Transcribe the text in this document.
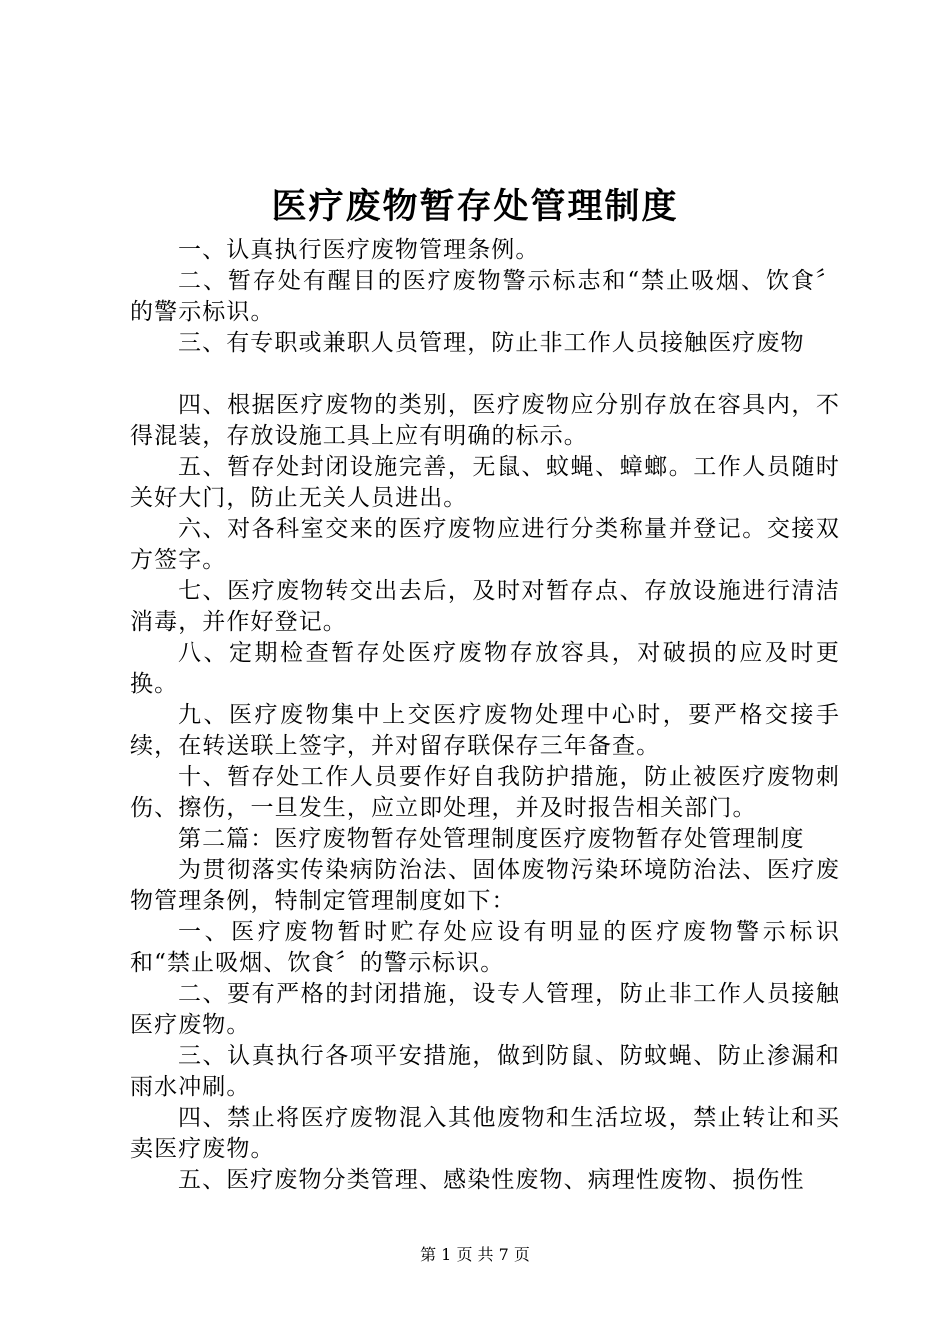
医疗废物暂存处管理制度

一、认真执行医疗废物管理条例。

二、暂存处有醒目的医疗废物警示标志和“禁止吸烟、饮食〞的警示标识。

三、有专职或兼职人员管理，防止非工作人员接触医疗废物

四、根据医疗废物的类别，医疗废物应分别存放在容具内，不得混装，存放设施工具上应有明确的标示。

五、暂存处封闭设施完善，无鼠、蚊蝇、蟑螂。工作人员随时关好大门，防止无关人员进出。

六、对各科室交来的医疗废物应进行分类称量并登记。交接双方签字。

七、医疗废物转交出去后，及时对暂存点、存放设施进行清洁消毒，并作好登记。

八、定期检查暂存处医疗废物存放容具，对破损的应及时更换。

九、医疗废物集中上交医疗废物处理中心时，要严格交接手续，在转送联上签字，并对留存联保存三年备查。

十、暂存处工作人员要作好自我防护措施，防止被医疗废物刺伤、擦伤，一旦发生，应立即处理，并及时报告相关部门。

第二篇：医疗废物暂存处管理制度医疗废物暂存处管理制度

为贯彻落实传染病防治法、固体废物污染环境防治法、医疗废物管理条例，特制定管理制度如下：

一、医疗废物暂时贮存处应设有明显的医疗废物警示标识和“禁止吸烟、饮食〞的警示标识。

二、要有严格的封闭措施，设专人管理，防止非工作人员接触医疗废物。

三、认真执行各项平安措施，做到防鼠、防蚊蝇、防止渗漏和雨水冲刷。

四、禁止将医疗废物混入其他废物和生活垃圾，禁止转让和买卖医疗废物。

五、医疗废物分类管理、感染性废物、病理性废物、损伤性

第 1 页 共 7 页
